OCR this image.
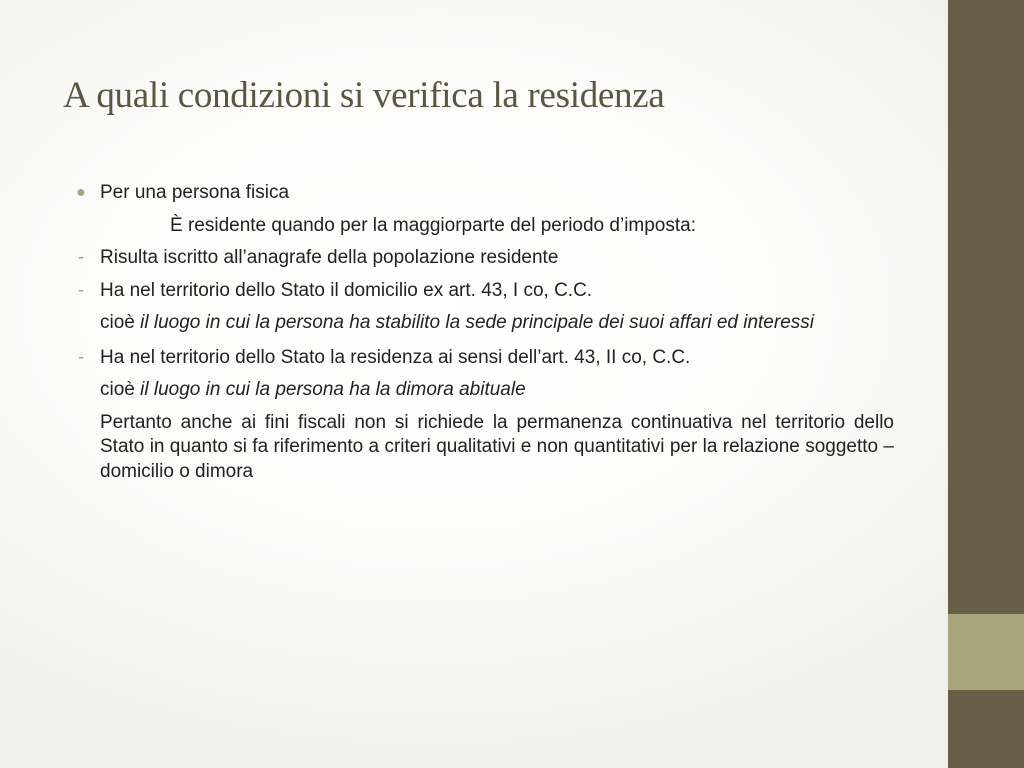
A quali condizioni si verifica la residenza
● Per una persona fisica
È residente quando per la maggiorparte del periodo d’imposta:
- Risulta iscritto all’anagrafe della popolazione residente
- Ha nel territorio dello Stato il domicilio ex art. 43, I co, C.C.
cioè il luogo in cui la persona ha stabilito la sede principale dei suoi affari ed interessi
- Ha nel territorio dello Stato la residenza ai sensi dell’art. 43, II co, C.C.
cioè il luogo in cui la persona ha la dimora abituale
Pertanto anche ai fini fiscali non si richiede la permanenza continuativa nel territorio dello Stato in quanto si fa riferimento a criteri qualitativi e non quantitativi per la relazione soggetto – domicilio o dimora
